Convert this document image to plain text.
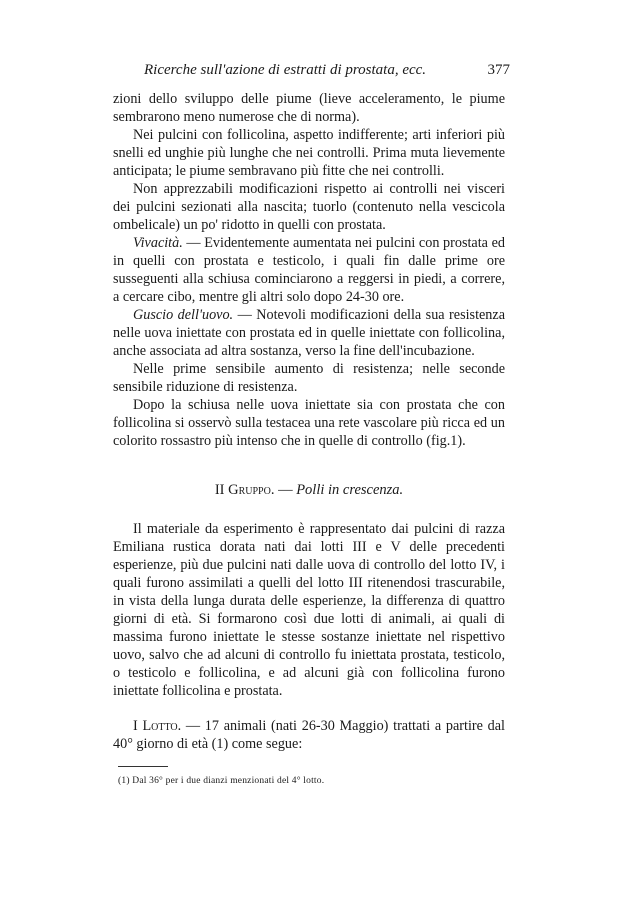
Ricerche sull'azione di estratti di prostata, ecc.	377

zioni dello sviluppo delle piume (lieve acceleramento, le piume sembrarono meno numerose che di norma).

Nei pulcini con follicolina, aspetto indifferente; arti inferiori più snelli ed unghie più lunghe che nei controlli. Prima muta lievemente anticipata; le piume sembravano più fitte che nei controlli.

Non apprezzabili modificazioni rispetto ai controlli nei visceri dei pulcini sezionati alla nascita; tuorlo (contenuto nella vescicola ombelicale) un po' ridotto in quelli con prostata.

Vivacità. — Evidentemente aumentata nei pulcini con prostata ed in quelli con prostata e testicolo, i quali fin dalle prime ore susseguenti alla schiusa cominciarono a reggersi in piedi, a correre, a cercare cibo, mentre gli altri solo dopo 24-30 ore.

Guscio dell'uovo. — Notevoli modificazioni della sua resistenza nelle uova iniettate con prostata ed in quelle iniettate con follicolina, anche associata ad altra sostanza, verso la fine dell'incubazione.

Nelle prime sensibile aumento di resistenza; nelle seconde sensibile riduzione di resistenza.

Dopo la schiusa nelle uova iniettate sia con prostata che con follicolina si osservò sulla testacea una rete vascolare più ricca ed un colorito rossastro più intenso che in quelle di controllo (fig.1).

II Gruppo. — Polli in crescenza.

Il materiale da esperimento è rappresentato dai pulcini di razza Emiliana rustica dorata nati dai lotti III e V delle precedenti esperienze, più due pulcini nati dalle uova di controllo del lotto IV, i quali furono assimilati a quelli del lotto III ritenendosi trascurabile, in vista della lunga durata delle esperienze, la differenza di quattro giorni di età. Si formarono così due lotti di animali, ai quali di massima furono iniettate le stesse sostanze iniettate nel rispettivo uovo, salvo che ad alcuni di controllo fu iniettata prostata, testicolo, o testicolo e follicolina, e ad alcuni già con follicolina furono iniettate follicolina e prostata.

I Lotto. — 17 animali (nati 26-30 Maggio) trattati a partire dal 40° giorno di età (1) come segue:

(1) Dal 36° per i due dianzi menzionati del 4° lotto.
